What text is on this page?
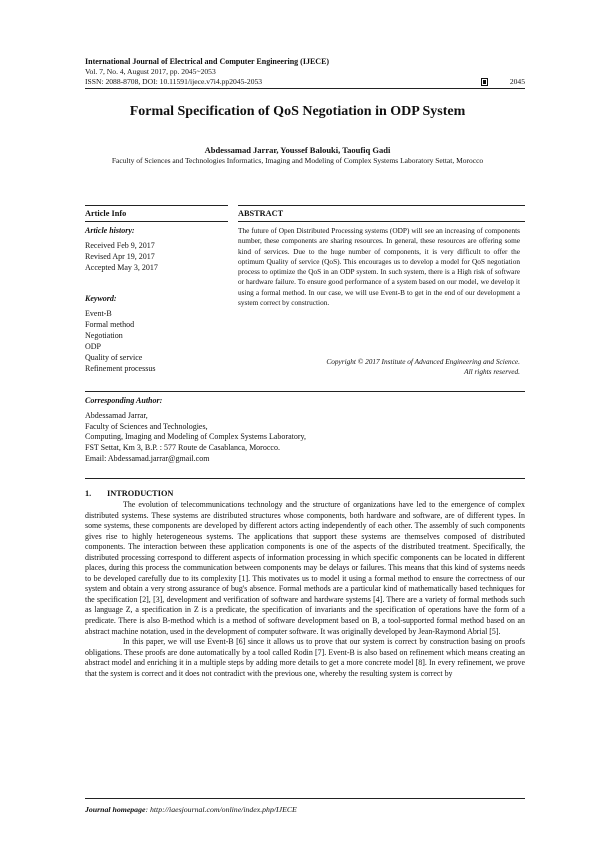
International Journal of Electrical and Computer Engineering (IJECE)
Vol. 7, No. 4, August 2017, pp. 2045~2053
ISSN: 2088-8708, DOI: 10.11591/ijece.v7i4.pp2045-2053	2045
Formal Specification of QoS Negotiation in ODP System
Abdessamad Jarrar, Youssef Balouki, Taoufiq Gadi
Faculty of Sciences and Technologies Informatics, Imaging and Modeling of Complex Systems Laboratory Settat, Morocco
Article Info
Article history:
Received Feb 9, 2017
Revised Apr 19, 2017
Accepted May 3, 2017
Keyword:
Event-B
Formal method
Negotiation
ODP
Quality of service
Refinement processus
ABSTRACT
The future of Open Distributed Processing systems (ODP) will see an increasing of components number, these components are sharing resources. In general, these resources are offering some kind of services. Due to the huge number of components, it is very difficult to offer the optimum Quality of service (QoS). This encourages us to develop a model for QoS negotiation process to optimize the QoS in an ODP system. In such system, there is a High risk of software or hardware failure. To ensure good performance of a system based on our model, we develop it using a formal method. In our case, we will use Event-B to get in the end of our development a system correct by construction.
Copyright © 2017 Institute of Advanced Engineering and Science.
All rights reserved.
Corresponding Author:
Abdessamad Jarrar,
Faculty of Sciences and Technologies,
Computing, Imaging and Modeling of Complex Systems Laboratory,
FST Settat, Km 3, B.P. : 577 Route de Casablanca, Morocco.
Email: Abdessamad.jarrar@gmail.com
1. INTRODUCTION

The evolution of telecommunications technology and the structure of organizations have led to the emergence of complex distributed systems. These systems are distributed structures whose components, both hardware and software, are of different types. In some systems, these components are developed by different actors acting independently of each other. The assembly of such components gives rise to highly heterogeneous systems. The applications that support these systems are themselves composed of distributed components. The interaction between these application components is one of the aspects of the distributed treatment. Specifically, the distributed processing correspond to different aspects of information processing in which specific components can be located in different places, during this process the communication between components may be delays or failures. This means that this kind of systems needs to be developed carefully due to its complexity [1]. This motivates us to model it using a formal method to ensure the correctness of our system and obtain a very strong assurance of bug's absence. Formal methods are a particular kind of mathematically based techniques for the specification [2], [3], development and verification of software and hardware systems [4]. There are a variety of formal methods such as language Z, a specification in Z is a predicate, the specification of invariants and the specification of operations have the form of a predicate. There is also B-method which is a method of software development based on B, a tool-supported formal method based on an abstract machine notation, used in the development of computer software. It was originally developed by Jean-Raymond Abrial [5].

In this paper, we will use Event-B [6] since it allows us to prove that our system is correct by construction basing on proofs obligations. These proofs are done automatically by a tool called Rodin [7]. Event-B is also based on refinement which means creating an abstract model and enriching it in a multiple steps by adding more details to get a more concrete model [8]. In every refinement, we prove that the system is correct and it does not contradict with the previous one, whereby the resulting system is correct by

Journal homepage: http://iaesjournal.com/online/index.php/IJECE
